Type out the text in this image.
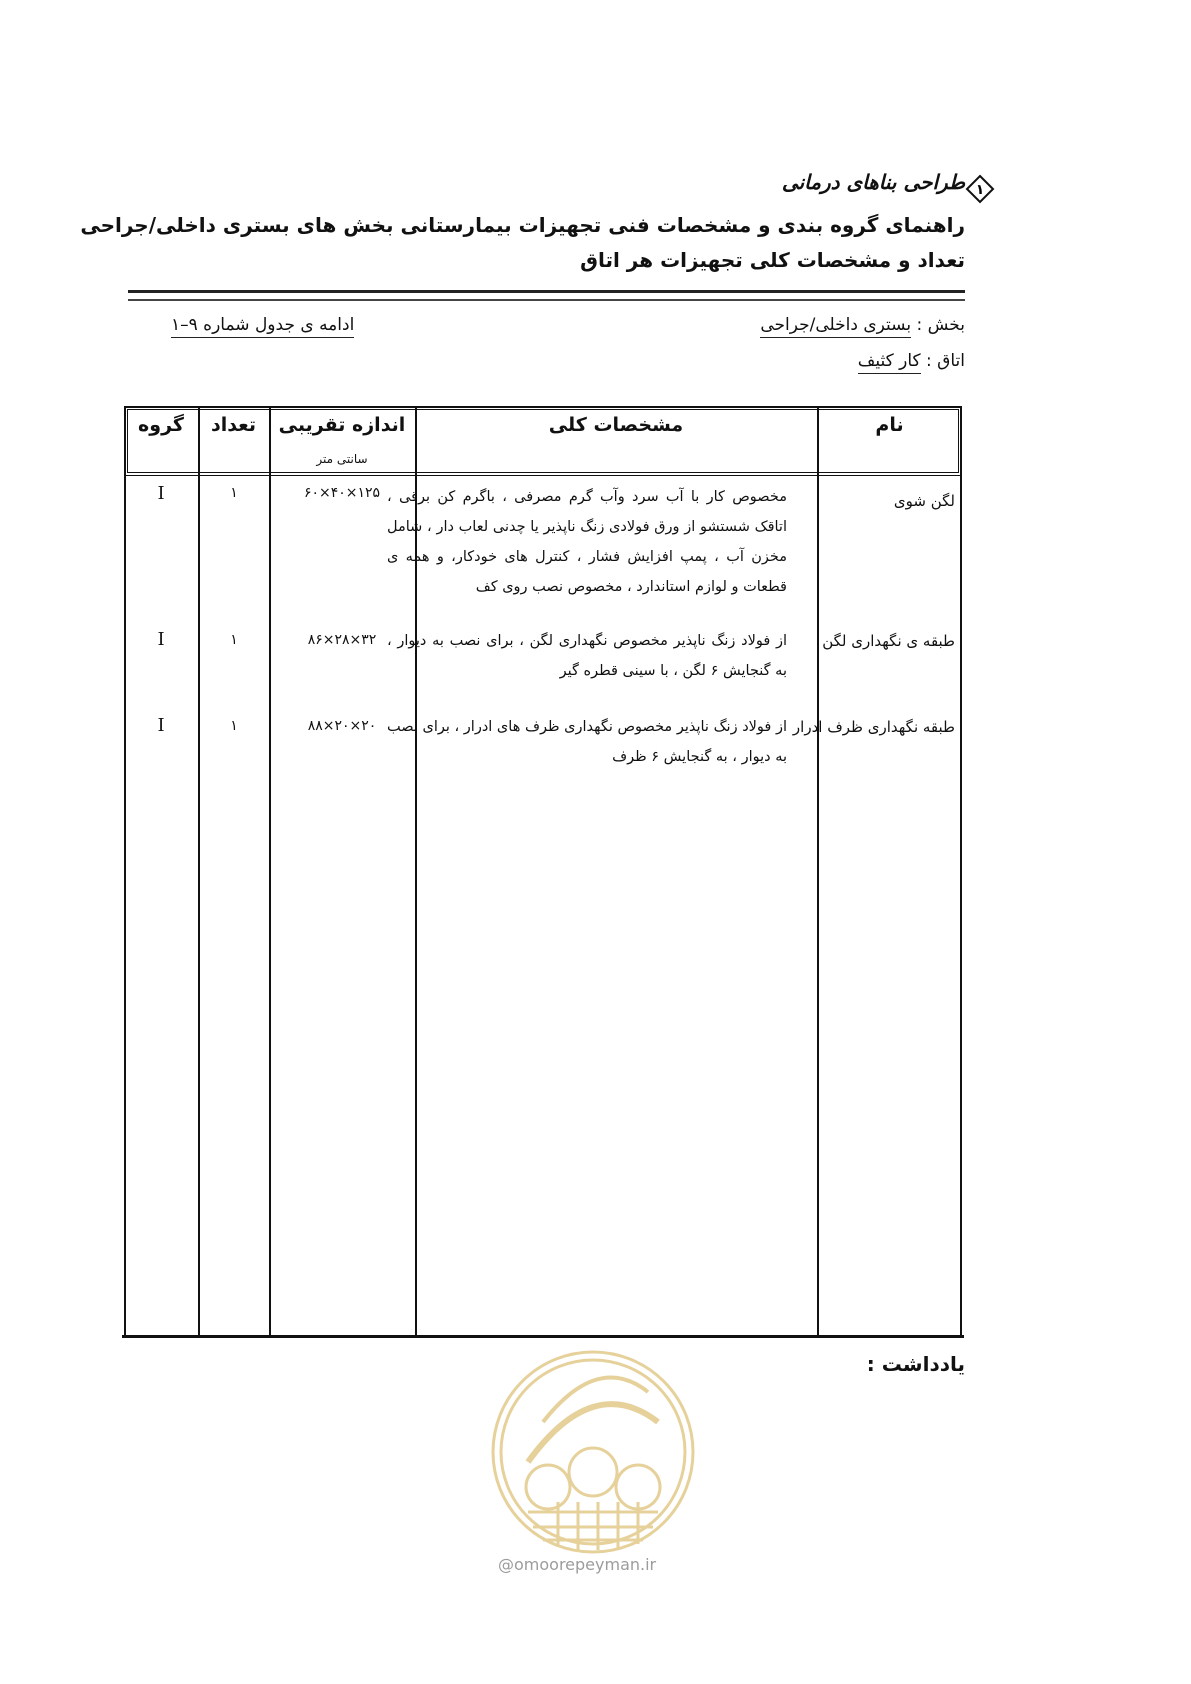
طراحی بناهای درمانی ۱
راهنمای گروه بندی و مشخصات فنی تجهیزات بیمارستانی بخش های بستری داخلی/جراحی
تعداد و مشخصات کلی تجهیزات هر اتاق
بخش : بستری داخلی/جراحی
اتاق : کار کثیف
ادامه ی جدول شماره ۹–۱
نام
مشخصات کلی
اندازه تقریبی
سانتی متر
تعداد
گروه
لگن شوی
مخصوص کار با آب سرد وآب گرم مصرفی ، باگرم کن برقی ، اتاقک شستشو از ورق فولادی زنگ ناپذیر یا چدنی لعاب دار ، شامل مخزن آب ، پمپ افزایش فشار ، کنترل های خودکار، و همه ی قطعات و لوازم استاندارد ، مخصوص نصب روی کف
۶۰×۴۰×۱۲۵
۱
I
طبقه ی نگهداری لگن
از فولاد زنگ ناپذیر مخصوص نگهداری لگن ، برای نصب به دیوار ، به گنجایش ۶ لگن ، با سینی قطره گیر
۸۶×۲۸×۳۲
۱
I
طبقه نگهداری ظرف ادرار
از فولاد زنگ ناپذیر مخصوص نگهداری ظرف های ادرار ، برای نصب به دیوار ، به گنجایش ۶ ظرف
۸۸×۲۰×۲۰
۱
I
یادداشت :
@omoorepeyman.ir
